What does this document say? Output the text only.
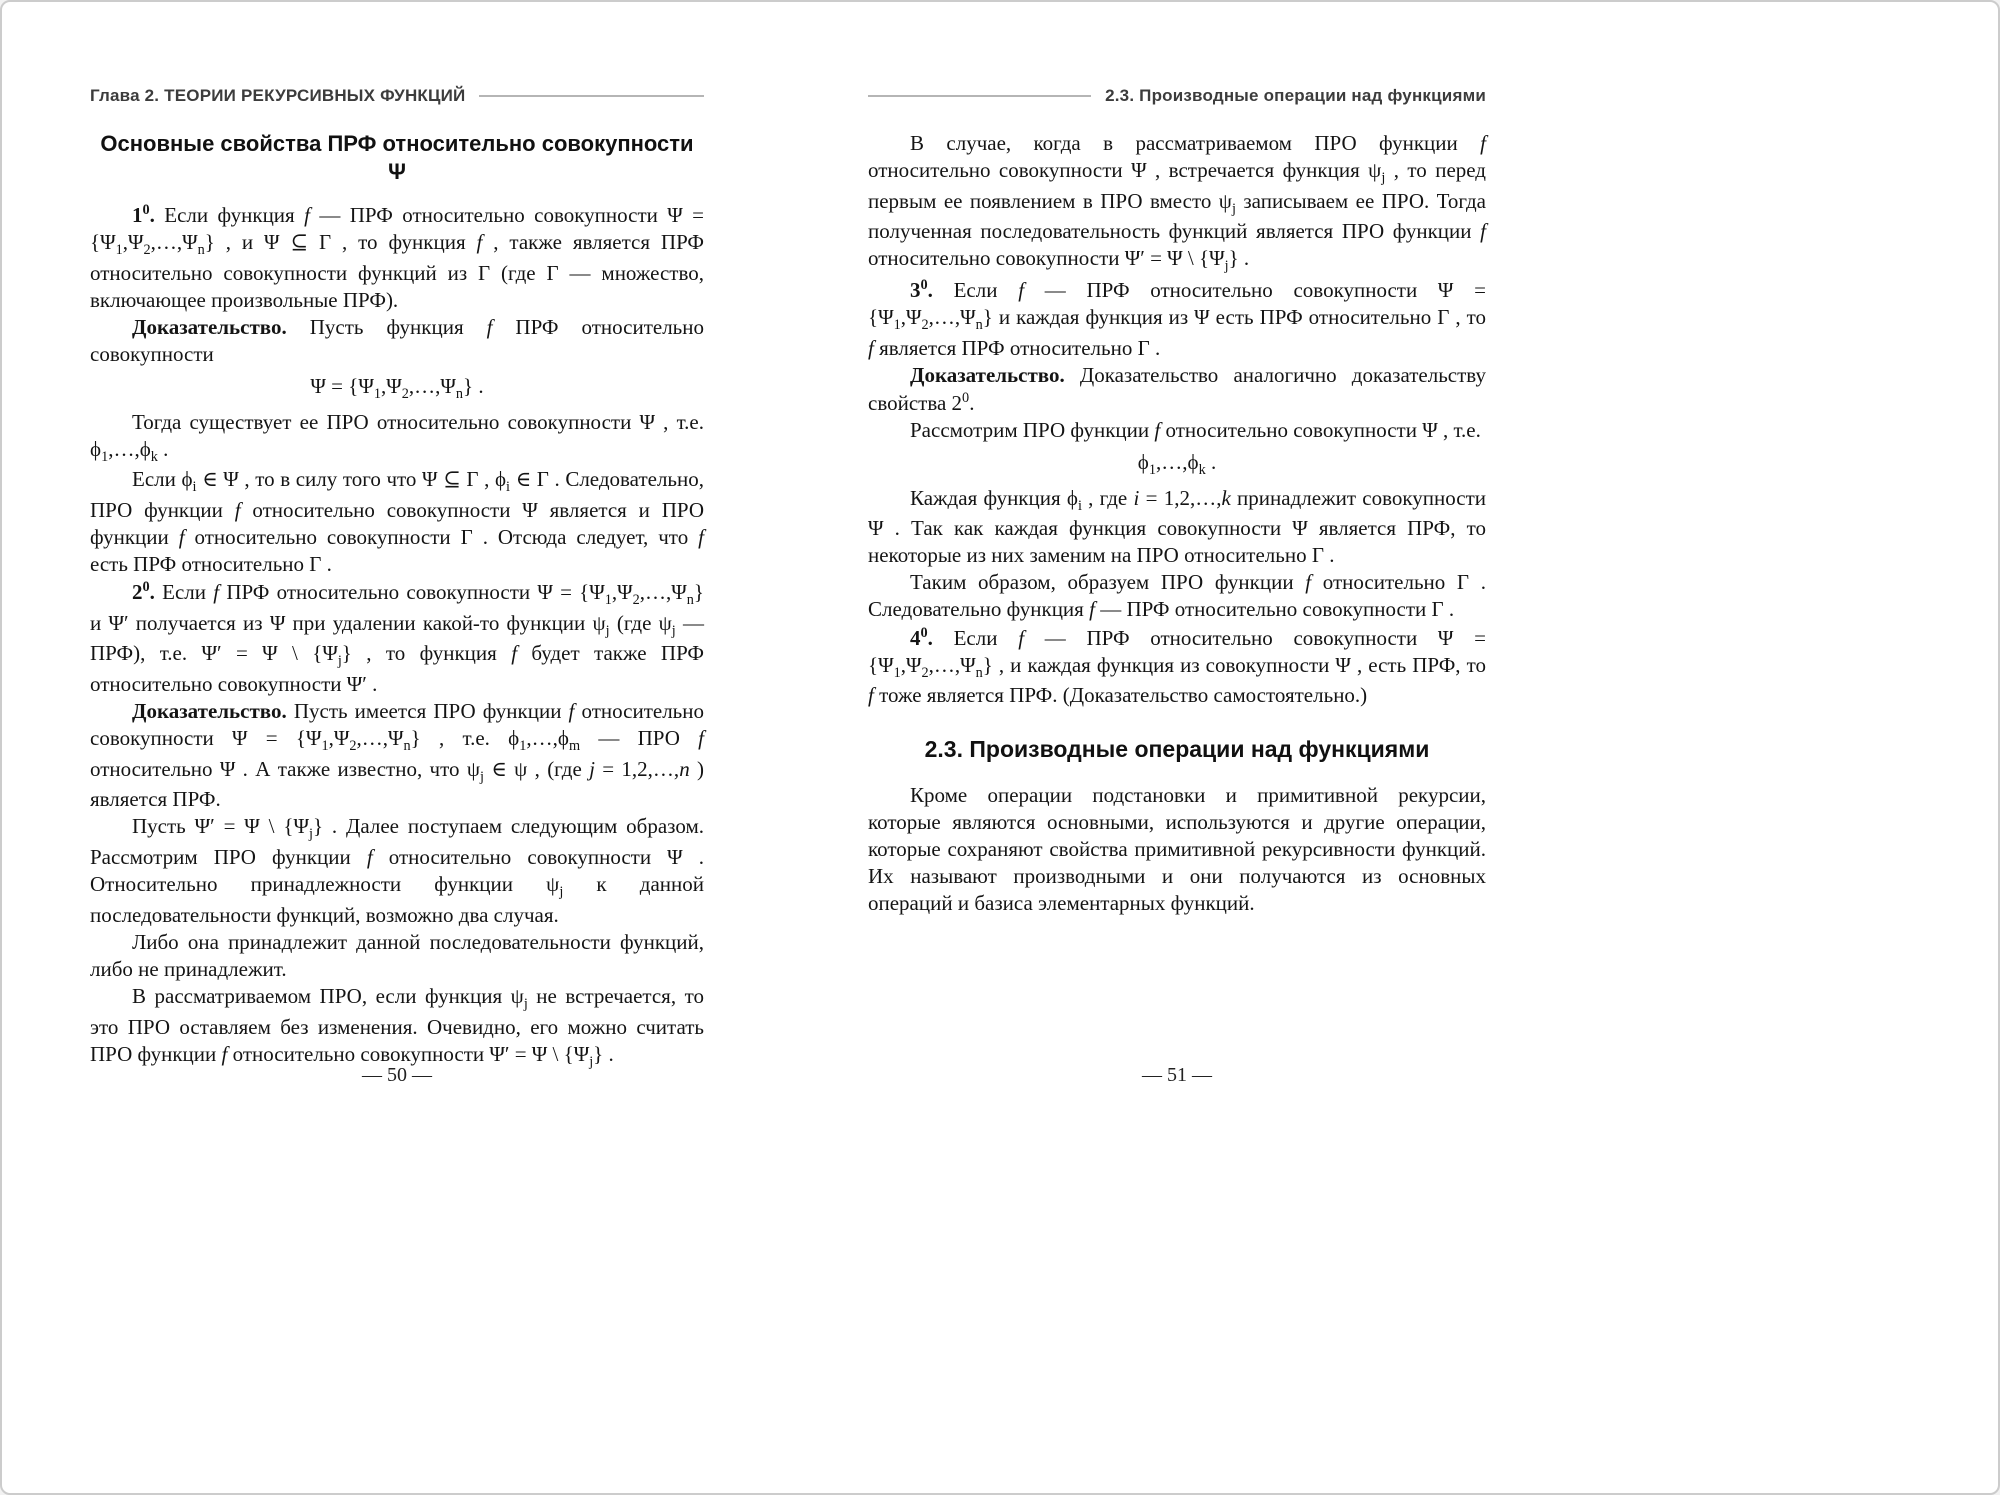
Глава 2. ТЕОРИИ РЕКУРСИВНЫХ ФУНКЦИЙ
Основные свойства ПРФ относительно совокупности Ψ

$1^0$. Если функция f — ПРФ относительно совокупности $\Psi = \{\Psi_1,\Psi_2,\dots,\Psi_n\}$ , и Ψ ⊆ Γ , то функция f , также является ПРФ относительно совокупности функций из Γ (где Γ — множество, включающее произвольные ПРФ).

Доказательство. Пусть функция f ПРФ относительно совокупности

$\Psi = \{\Psi_1,\Psi_2,\dots,\Psi_n\}$ .

Тогда существует ее ПРО относительно совокупности Ψ , т.е. $\phi_1,\dots,\phi_k$ .

Если $\phi_i$ ∈ Ψ , то в силу того что Ψ ⊆ Γ , $\phi_i$ ∈ Γ . Следовательно, ПРО функции f относительно совокупности Ψ является и ПРО функции f относительно совокупности Γ . Отсюда следует, что f есть ПРФ относительно Γ .

$2^0$. Если f ПРФ относительно совокупности $\Psi = \{\Psi_1,\Psi_2,\dots,\Psi_n\}$ и Ψ′ получается из Ψ при удалении какой-то функции $\psi_j$ (где $\psi_j$ — ПРФ), т.е. Ψ′ = Ψ \ $\{\Psi_j\}$ , то функция f будет также ПРФ относительно совокупности Ψ′ .

Доказательство. Пусть имеется ПРО функции f относительно совокупности $\Psi = \{\Psi_1,\Psi_2,\dots,\Psi_n\}$ , т.е. $\phi_1,\dots,\phi_m$ — ПРО f относительно Ψ . А также известно, что $\psi_j$ ∈ ψ , (где j = 1,2,…,n ) является ПРФ.

Пусть Ψ′ = Ψ \ $\{\Psi_j\}$ . Далее поступаем следующим образом. Рассмотрим ПРО функции f относительно совокупности Ψ . Относительно принадлежности функции $\psi_j$ к данной последовательности функций, возможно два случая.

Либо она принадлежит данной последовательности функций, либо не принадлежит.

В рассматриваемом ПРО, если функция $\psi_j$ не встречается, то это ПРО оставляем без изменения. Очевидно, его можно считать ПРО функции f относительно совокупности Ψ′ = Ψ \ $\{\Psi_j\}$ .

— 50 —
2.3. Производные операции над функциями

В случае, когда в рассматриваемом ПРО функции f относительно совокупности Ψ , встречается функция $\psi_j$ , то перед первым ее появлением в ПРО вместо $\psi_j$ записываем ее ПРО. Тогда полученная последовательность функций является ПРО функции f относительно совокупности Ψ′ = Ψ \ $\{\Psi_j\}$ .

$3^0$. Если f — ПРФ относительно совокупности $\Psi = \{\Psi_1,\Psi_2,\dots,\Psi_n\}$ и каждая функция из Ψ есть ПРФ относительно Γ , то f является ПРФ относительно Γ .

Доказательство. Доказательство аналогично доказательству свойства $2^0$.

Рассмотрим ПРО функции f относительно совокупности Ψ , т.е.

$\phi_1,\dots,\phi_k$ .

Каждая функция $\phi_i$ , где i = 1,2,…,k принадлежит совокупности Ψ . Так как каждая функция совокупности Ψ является ПРФ, то некоторые из них заменим на ПРО относительно Γ .

Таким образом, образуем ПРО функции f относительно Γ . Следовательно функция f — ПРФ относительно совокупности Γ .

$4^0$. Если f — ПРФ относительно совокупности $\Psi = \{\Psi_1,\Psi_2,\dots,\Psi_n\}$ , и каждая функция из совокупности Ψ , есть ПРФ, то f тоже является ПРФ. (Доказательство самостоятельно.)

2.3. Производные операции над функциями

Кроме операции подстановки и примитивной рекурсии, которые являются основными, используются и другие операции, которые сохраняют свойства примитивной рекурсивности функций. Их называют производными и они получаются из основных операций и базиса элементарных функций.

— 51 —
